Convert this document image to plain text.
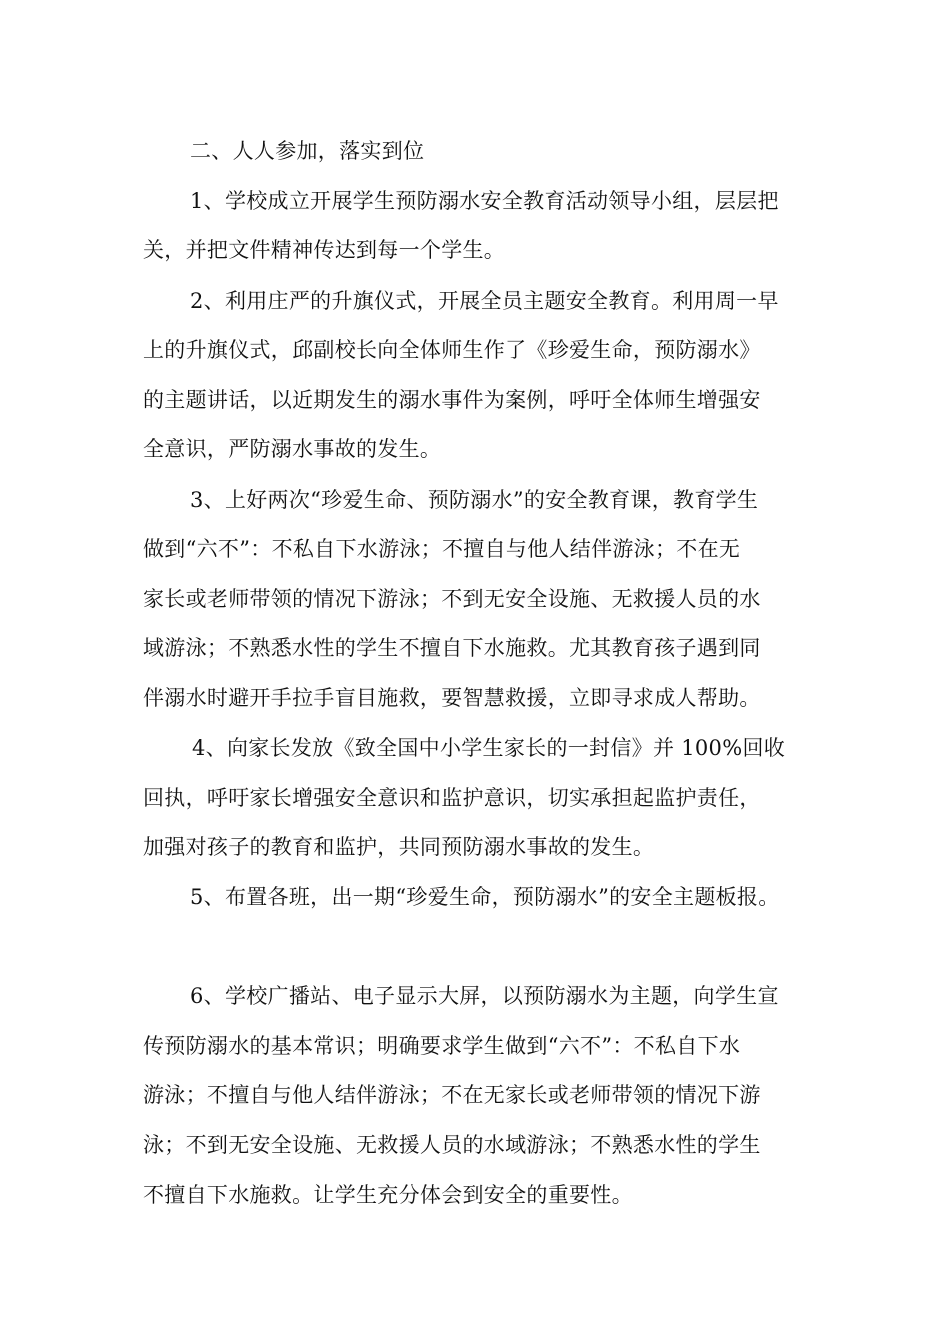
二、人人参加，落实到位
1、学校成立开展学生预防溺水安全教育活动领导小组，层层把
关，并把文件精神传达到每一个学生。
2、利用庄严的升旗仪式，开展全员主题安全教育。利用周一早
上的升旗仪式，邱副校长向全体师生作了《珍爱生命，预防溺水》
的主题讲话，以近期发生的溺水事件为案例，呼吁全体师生增强安
全意识，严防溺水事故的发生。
3、上好两次“珍爱生命、预防溺水”的安全教育课，教育学生
做到“六不”：不私自下水游泳；不擅自与他人结伴游泳；不在无
家长或老师带领的情况下游泳；不到无安全设施、无救援人员的水
域游泳；不熟悉水性的学生不擅自下水施救。尤其教育孩子遇到同
伴溺水时避开手拉手盲目施救，要智慧救援，立即寻求成人帮助。
4、向家长发放《致全国中小学生家长的一封信》并 100%回收
回执，呼吁家长增强安全意识和监护意识，切实承担起监护责任，
加强对孩子的教育和监护，共同预防溺水事故的发生。
5、布置各班，出一期“珍爱生命，预防溺水”的安全主题板报。
6、学校广播站、电子显示大屏，以预防溺水为主题，向学生宣
传预防溺水的基本常识；明确要求学生做到“六不”：不私自下水
游泳；不擅自与他人结伴游泳；不在无家长或老师带领的情况下游
泳；不到无安全设施、无救援人员的水域游泳；不熟悉水性的学生
不擅自下水施救。让学生充分体会到安全的重要性。
